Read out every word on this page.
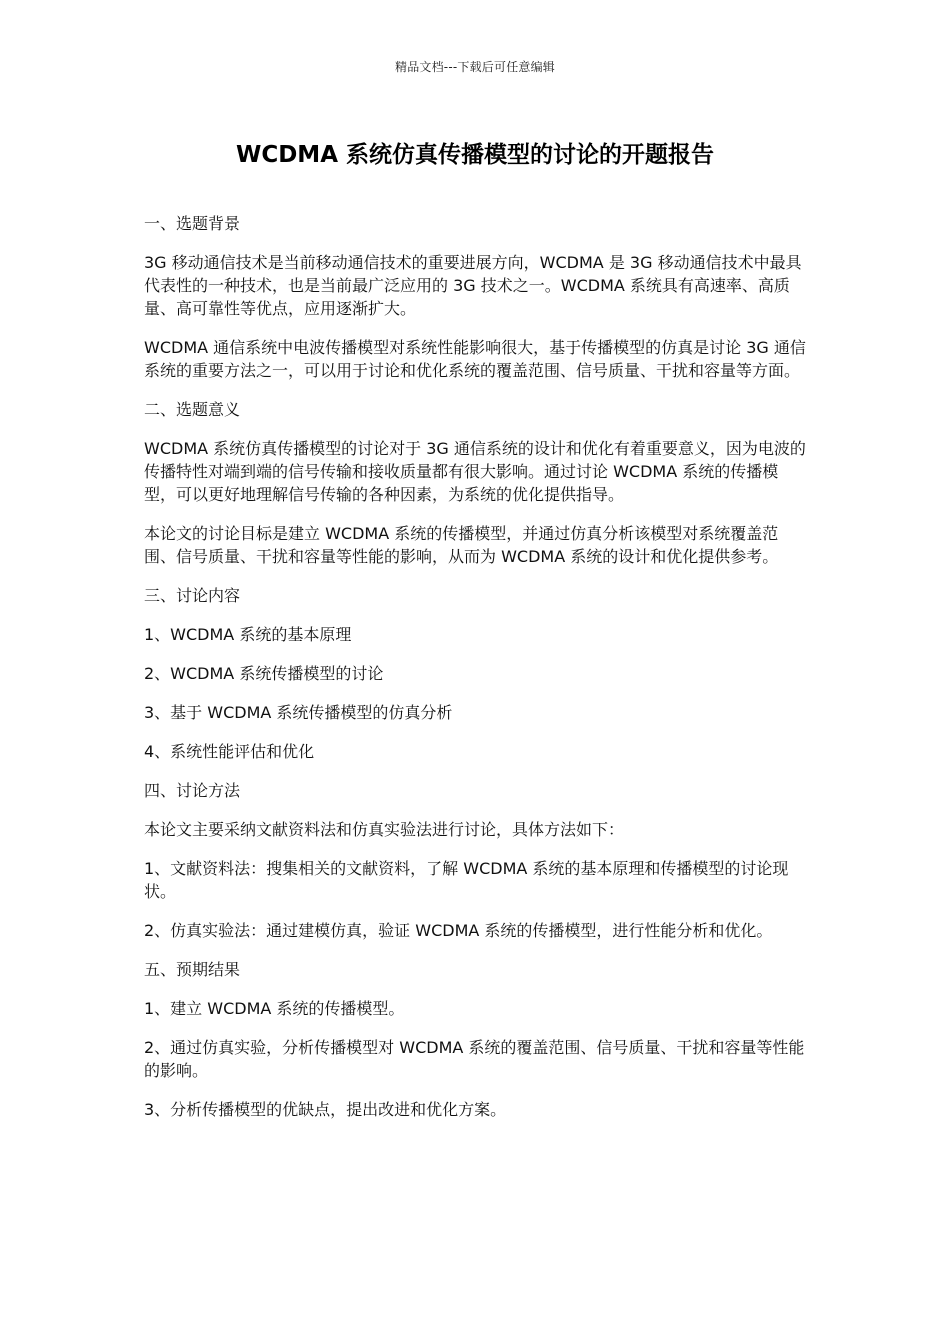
精品文档---下载后可任意编辑
WCDMA 系统仿真传播模型的讨论的开题报告

一、选题背景

3G 移动通信技术是当前移动通信技术的重要进展方向，WCDMA 是 3G 移动通信技术中最具代表性的一种技术，也是当前最广泛应用的 3G 技术之一。WCDMA 系统具有高速率、高质量、高可靠性等优点，应用逐渐扩大。

WCDMA 通信系统中电波传播模型对系统性能影响很大，基于传播模型的仿真是讨论 3G 通信系统的重要方法之一，可以用于讨论和优化系统的覆盖范围、信号质量、干扰和容量等方面。

二、选题意义

WCDMA 系统仿真传播模型的讨论对于 3G 通信系统的设计和优化有着重要意义，因为电波的传播特性对端到端的信号传输和接收质量都有很大影响。通过讨论 WCDMA 系统的传播模型，可以更好地理解信号传输的各种因素，为系统的优化提供指导。

本论文的讨论目标是建立 WCDMA 系统的传播模型，并通过仿真分析该模型对系统覆盖范围、信号质量、干扰和容量等性能的影响，从而为 WCDMA 系统的设计和优化提供参考。

三、讨论内容

1、WCDMA 系统的基本原理

2、WCDMA 系统传播模型的讨论

3、基于 WCDMA 系统传播模型的仿真分析

4、系统性能评估和优化

四、讨论方法

本论文主要采纳文献资料法和仿真实验法进行讨论，具体方法如下：

1、文献资料法：搜集相关的文献资料，了解 WCDMA 系统的基本原理和传播模型的讨论现状。

2、仿真实验法：通过建模仿真，验证 WCDMA 系统的传播模型，进行性能分析和优化。

五、预期结果

1、建立 WCDMA 系统的传播模型。

2、通过仿真实验，分析传播模型对 WCDMA 系统的覆盖范围、信号质量、干扰和容量等性能的影响。

3、分析传播模型的优缺点，提出改进和优化方案。
